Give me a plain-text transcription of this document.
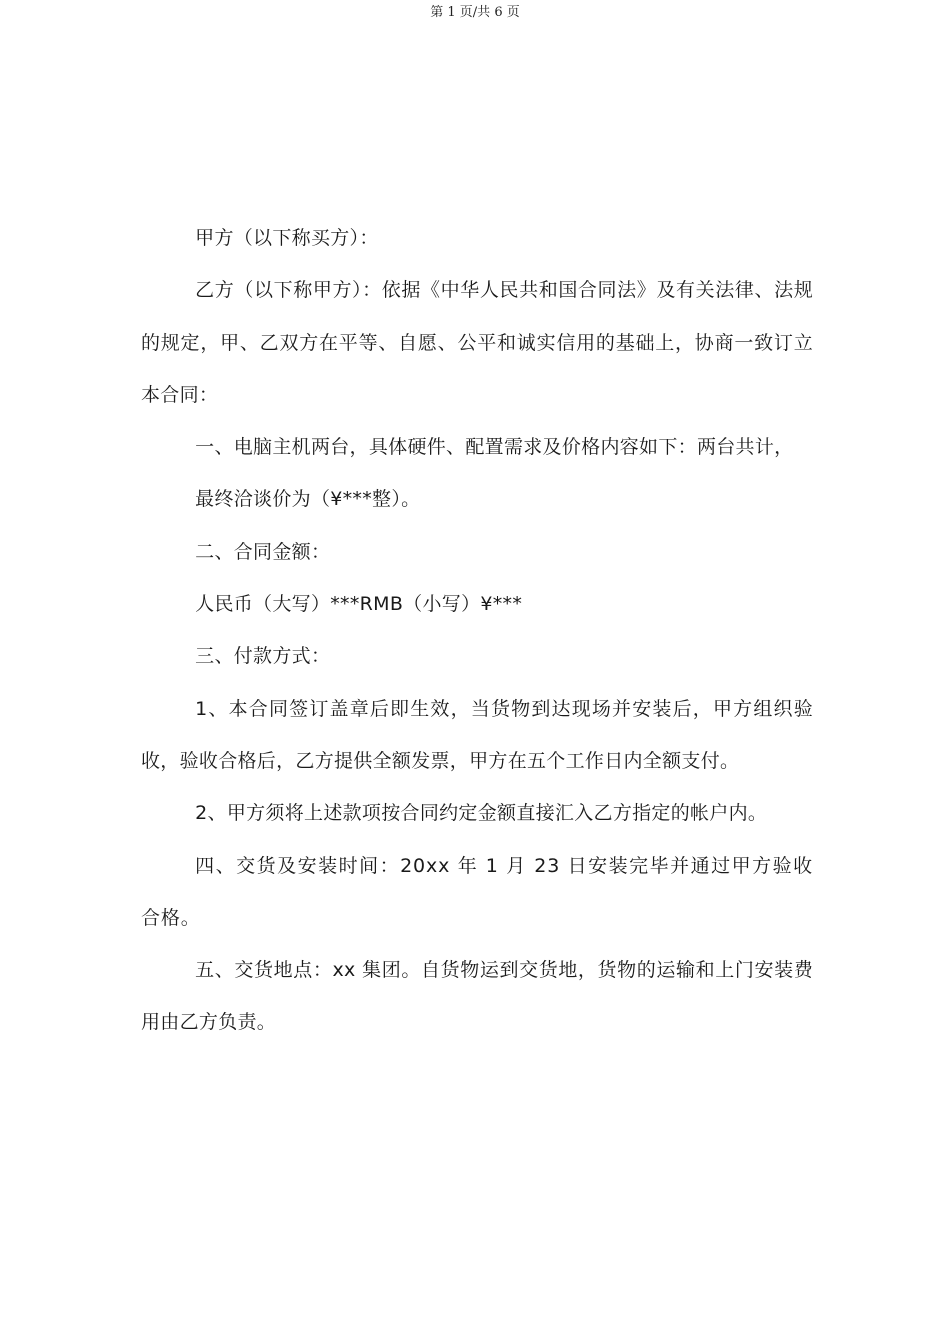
第 1 页/共 6 页

甲方（以下称买方）：

乙方（以下称甲方）：依据《中华人民共和国合同法》及有关法律、法规的规定，甲、乙双方在平等、自愿、公平和诚实信用的基础上，协商一致订立本合同：

一、电脑主机两台，具体硬件、配置需求及价格内容如下：两台共计，

最终洽谈价为（¥***整）。

二、合同金额：

人民币（大写）***RMB（小写）¥***

三、付款方式：

1、本合同签订盖章后即生效，当货物到达现场并安装后，甲方组织验收，验收合格后，乙方提供全额发票，甲方在五个工作日内全额支付。

2、甲方须将上述款项按合同约定金额直接汇入乙方指定的帐户内。

四、交货及安装时间：20xx 年 1 月 23 日安装完毕并通过甲方验收合格。

五、交货地点：xx 集团。自货物运到交货地，货物的运输和上门安装费用由乙方负责。
